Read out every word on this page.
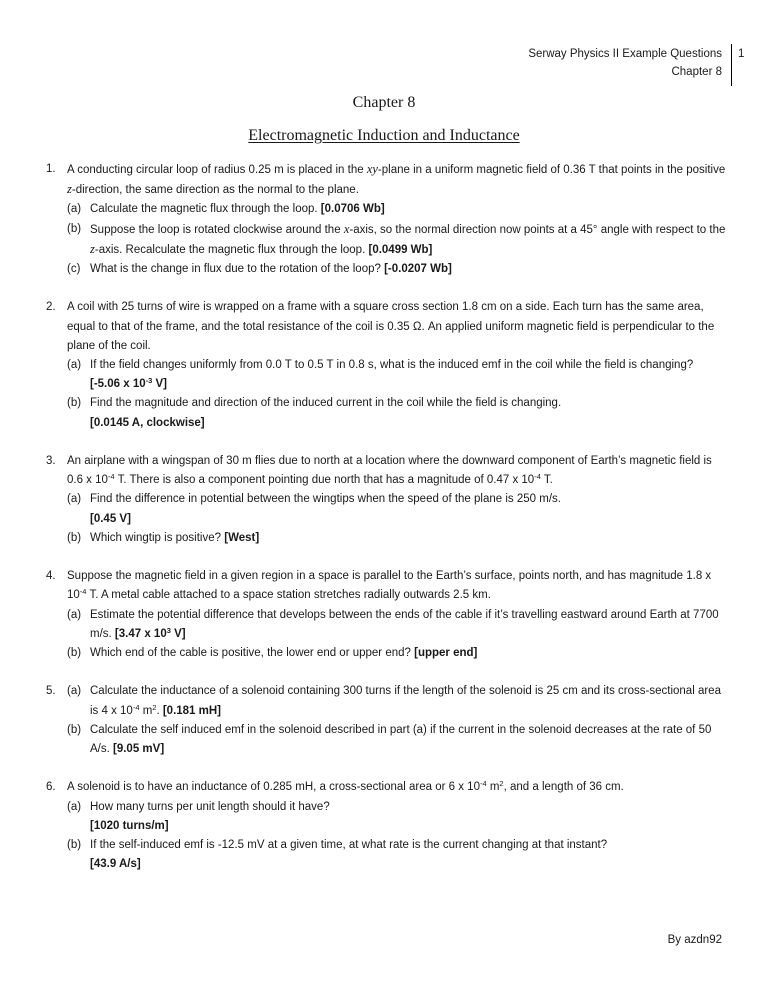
Serway Physics II Example Questions
Chapter 8
1
Chapter 8
Electromagnetic Induction and Inductance
1. A conducting circular loop of radius 0.25 m is placed in the xy-plane in a uniform magnetic field of 0.36 T that points in the positive z-direction, the same direction as the normal to the plane.
(a) Calculate the magnetic flux through the loop. [0.0706 Wb]
(b) Suppose the loop is rotated clockwise around the x-axis, so the normal direction now points at a 45° angle with respect to the z-axis. Recalculate the magnetic flux through the loop. [0.0499 Wb]
(c) What is the change in flux due to the rotation of the loop? [-0.0207 Wb]
2. A coil with 25 turns of wire is wrapped on a frame with a square cross section 1.8 cm on a side. Each turn has the same area, equal to that of the frame, and the total resistance of the coil is 0.35 Ω. An applied uniform magnetic field is perpendicular to the plane of the coil.
(a) If the field changes uniformly from 0.0 T to 0.5 T in 0.8 s, what is the induced emf in the coil while the field is changing? [-5.06 x $10^{-3}$ V]
(b) Find the magnitude and direction of the induced current in the coil while the field is changing.
[0.0145 A, clockwise]
3. An airplane with a wingspan of 30 m flies due to north at a location where the downward component of Earth’s magnetic field is 0.6 x $10^{-4}$ T. There is also a component pointing due north that has a magnitude of 0.47 x $10^{-4}$ T.
(a) Find the difference in potential between the wingtips when the speed of the plane is 250 m/s.
[0.45 V]
(b) Which wingtip is positive? [West]
4. Suppose the magnetic field in a given region in a space is parallel to the Earth’s surface, points north, and has magnitude 1.8 x $10^{-4}$ T. A metal cable attached to a space station stretches radially outwards 2.5 km.
(a) Estimate the potential difference that develops between the ends of the cable if it’s travelling eastward around Earth at 7700 m/s. [3.47 x $10^3$ V]
(b) Which end of the cable is positive, the lower end or upper end? [upper end]
5. (a) Calculate the inductance of a solenoid containing 300 turns if the length of the solenoid is 25 cm and its cross-sectional area is 4 x $10^{-4}$ $m^2$. [0.181 mH]
(b) Calculate the self induced emf in the solenoid described in part (a) if the current in the solenoid decreases at the rate of 50 A/s. [9.05 mV]
6. A solenoid is to have an inductance of 0.285 mH, a cross-sectional area or 6 x $10^{-4}$ $m^2$, and a length of 36 cm.
(a) How many turns per unit length should it have?
[1020 turns/m]
(b) If the self-induced emf is -12.5 mV at a given time, at what rate is the current changing at that instant?
[43.9 A/s]
By azdn92
